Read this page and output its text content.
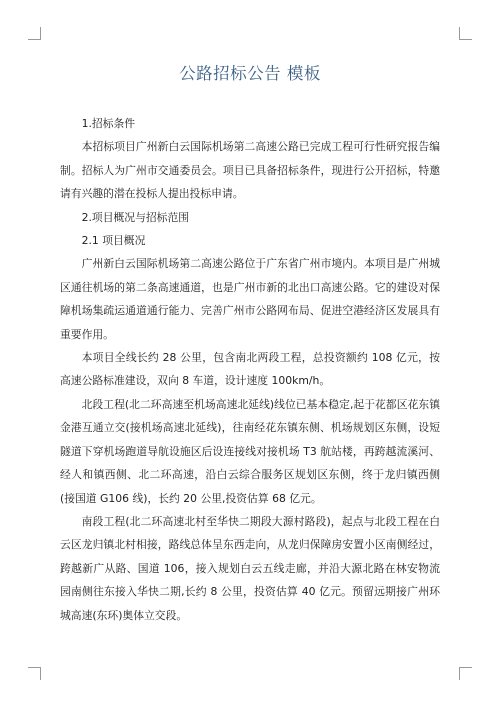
公路招标公告 模板

1.招标条件

本招标项目广州新白云国际机场第二高速公路已完成工程可行性研究报告编制。招标人为广州市交通委员会。项目已具备招标条件，现进行公开招标，特邀请有兴趣的潜在投标人提出投标申请。

2.项目概况与招标范围

2.1 项目概况

广州新白云国际机场第二高速公路位于广东省广州市境内。本项目是广州城区通往机场的第二条高速通道，也是广州市新的北出口高速公路。它的建设对保障机场集疏运通道通行能力、完善广州市公路网布局、促进空港经济区发展具有重要作用。

本项目全线长约 28 公里，包含南北两段工程，总投资额约 108 亿元，按高速公路标准建设，双向 8 车道，设计速度 100km/h。

北段工程(北二环高速至机场高速北延线)线位已基本稳定,起于花都区花东镇金港互通立交(接机场高速北延线)，往南经花东镇东侧、机场规划区东侧，设短隧道下穿机场跑道导航设施区后设连接线对接机场 T3 航站楼，再跨越流溪河、经人和镇西侧、北二环高速，沿白云综合服务区规划区东侧，终于龙归镇西侧(接国道 G106 线)，长约 20 公里,投资估算 68 亿元。

南段工程(北二环高速北村至华快二期段大源村路段)，起点与北段工程在白云区龙归镇北村相接，路线总体呈东西走向，从龙归保障房安置小区南侧经过，跨越新广从路、国道 106，接入规划白云五线走廊，并沿大源北路在林安物流园南侧往东接入华快二期,长约 8 公里，投资估算 40 亿元。预留远期接广州环城高速(东环)奥体立交段。
